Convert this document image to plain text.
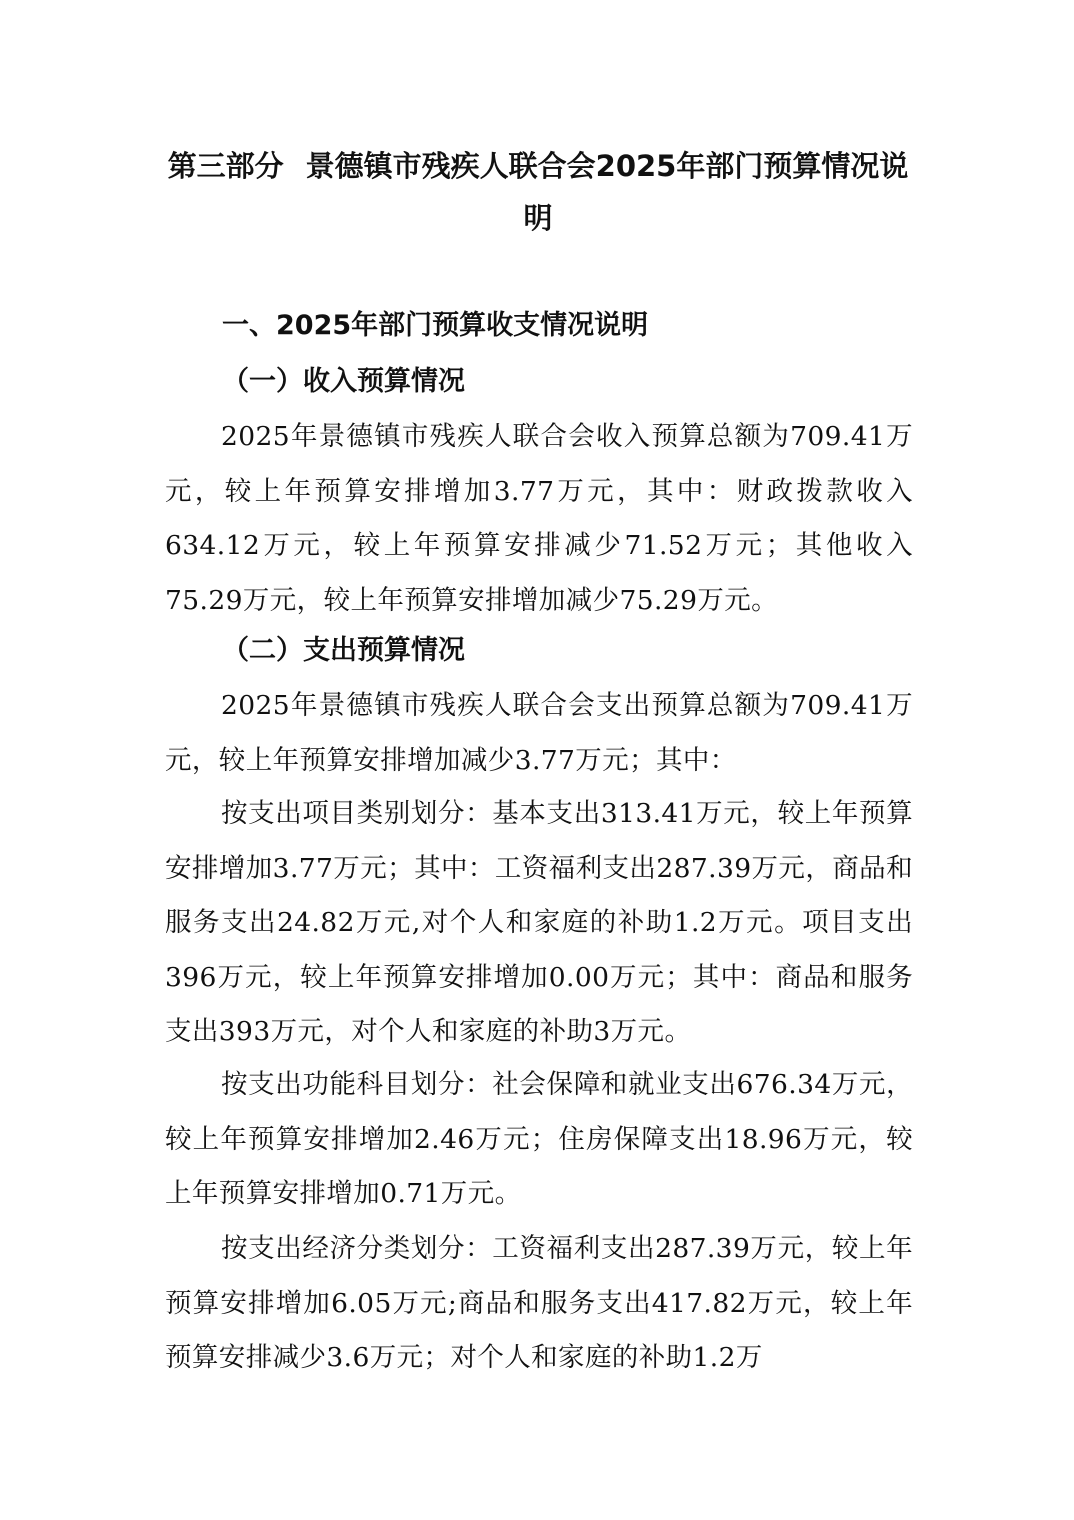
第三部分 景德镇市残疾人联合会2025年部门预算情况说明
一、2025年部门预算收支情况说明
（一）收入预算情况

2025年景德镇市残疾人联合会收入预算总额为709.41万元，较上年预算安排增加3.77万元，其中：财政拨款收入634.12万元，较上年预算安排减少71.52万元；其他收入75.29万元，较上年预算安排增加减少75.29万元。

（二）支出预算情况

2025年景德镇市残疾人联合会支出预算总额为709.41万元，较上年预算安排增加减少3.77万元；其中：

按支出项目类别划分：基本支出313.41万元，较上年预算安排增加3.77万元；其中：工资福利支出287.39万元，商品和服务支出24.82万元,对个人和家庭的补助1.2万元。项目支出396万元，较上年预算安排增加0.00万元；其中：商品和服务支出393万元，对个人和家庭的补助3万元。

按支出功能科目划分：社会保障和就业支出676.34万元，较上年预算安排增加2.46万元；住房保障支出18.96万元，较上年预算安排增加0.71万元。

按支出经济分类划分：工资福利支出287.39万元，较上年预算安排增加6.05万元;商品和服务支出417.82万元，较上年预算安排减少3.6万元；对个人和家庭的补助1.2万
